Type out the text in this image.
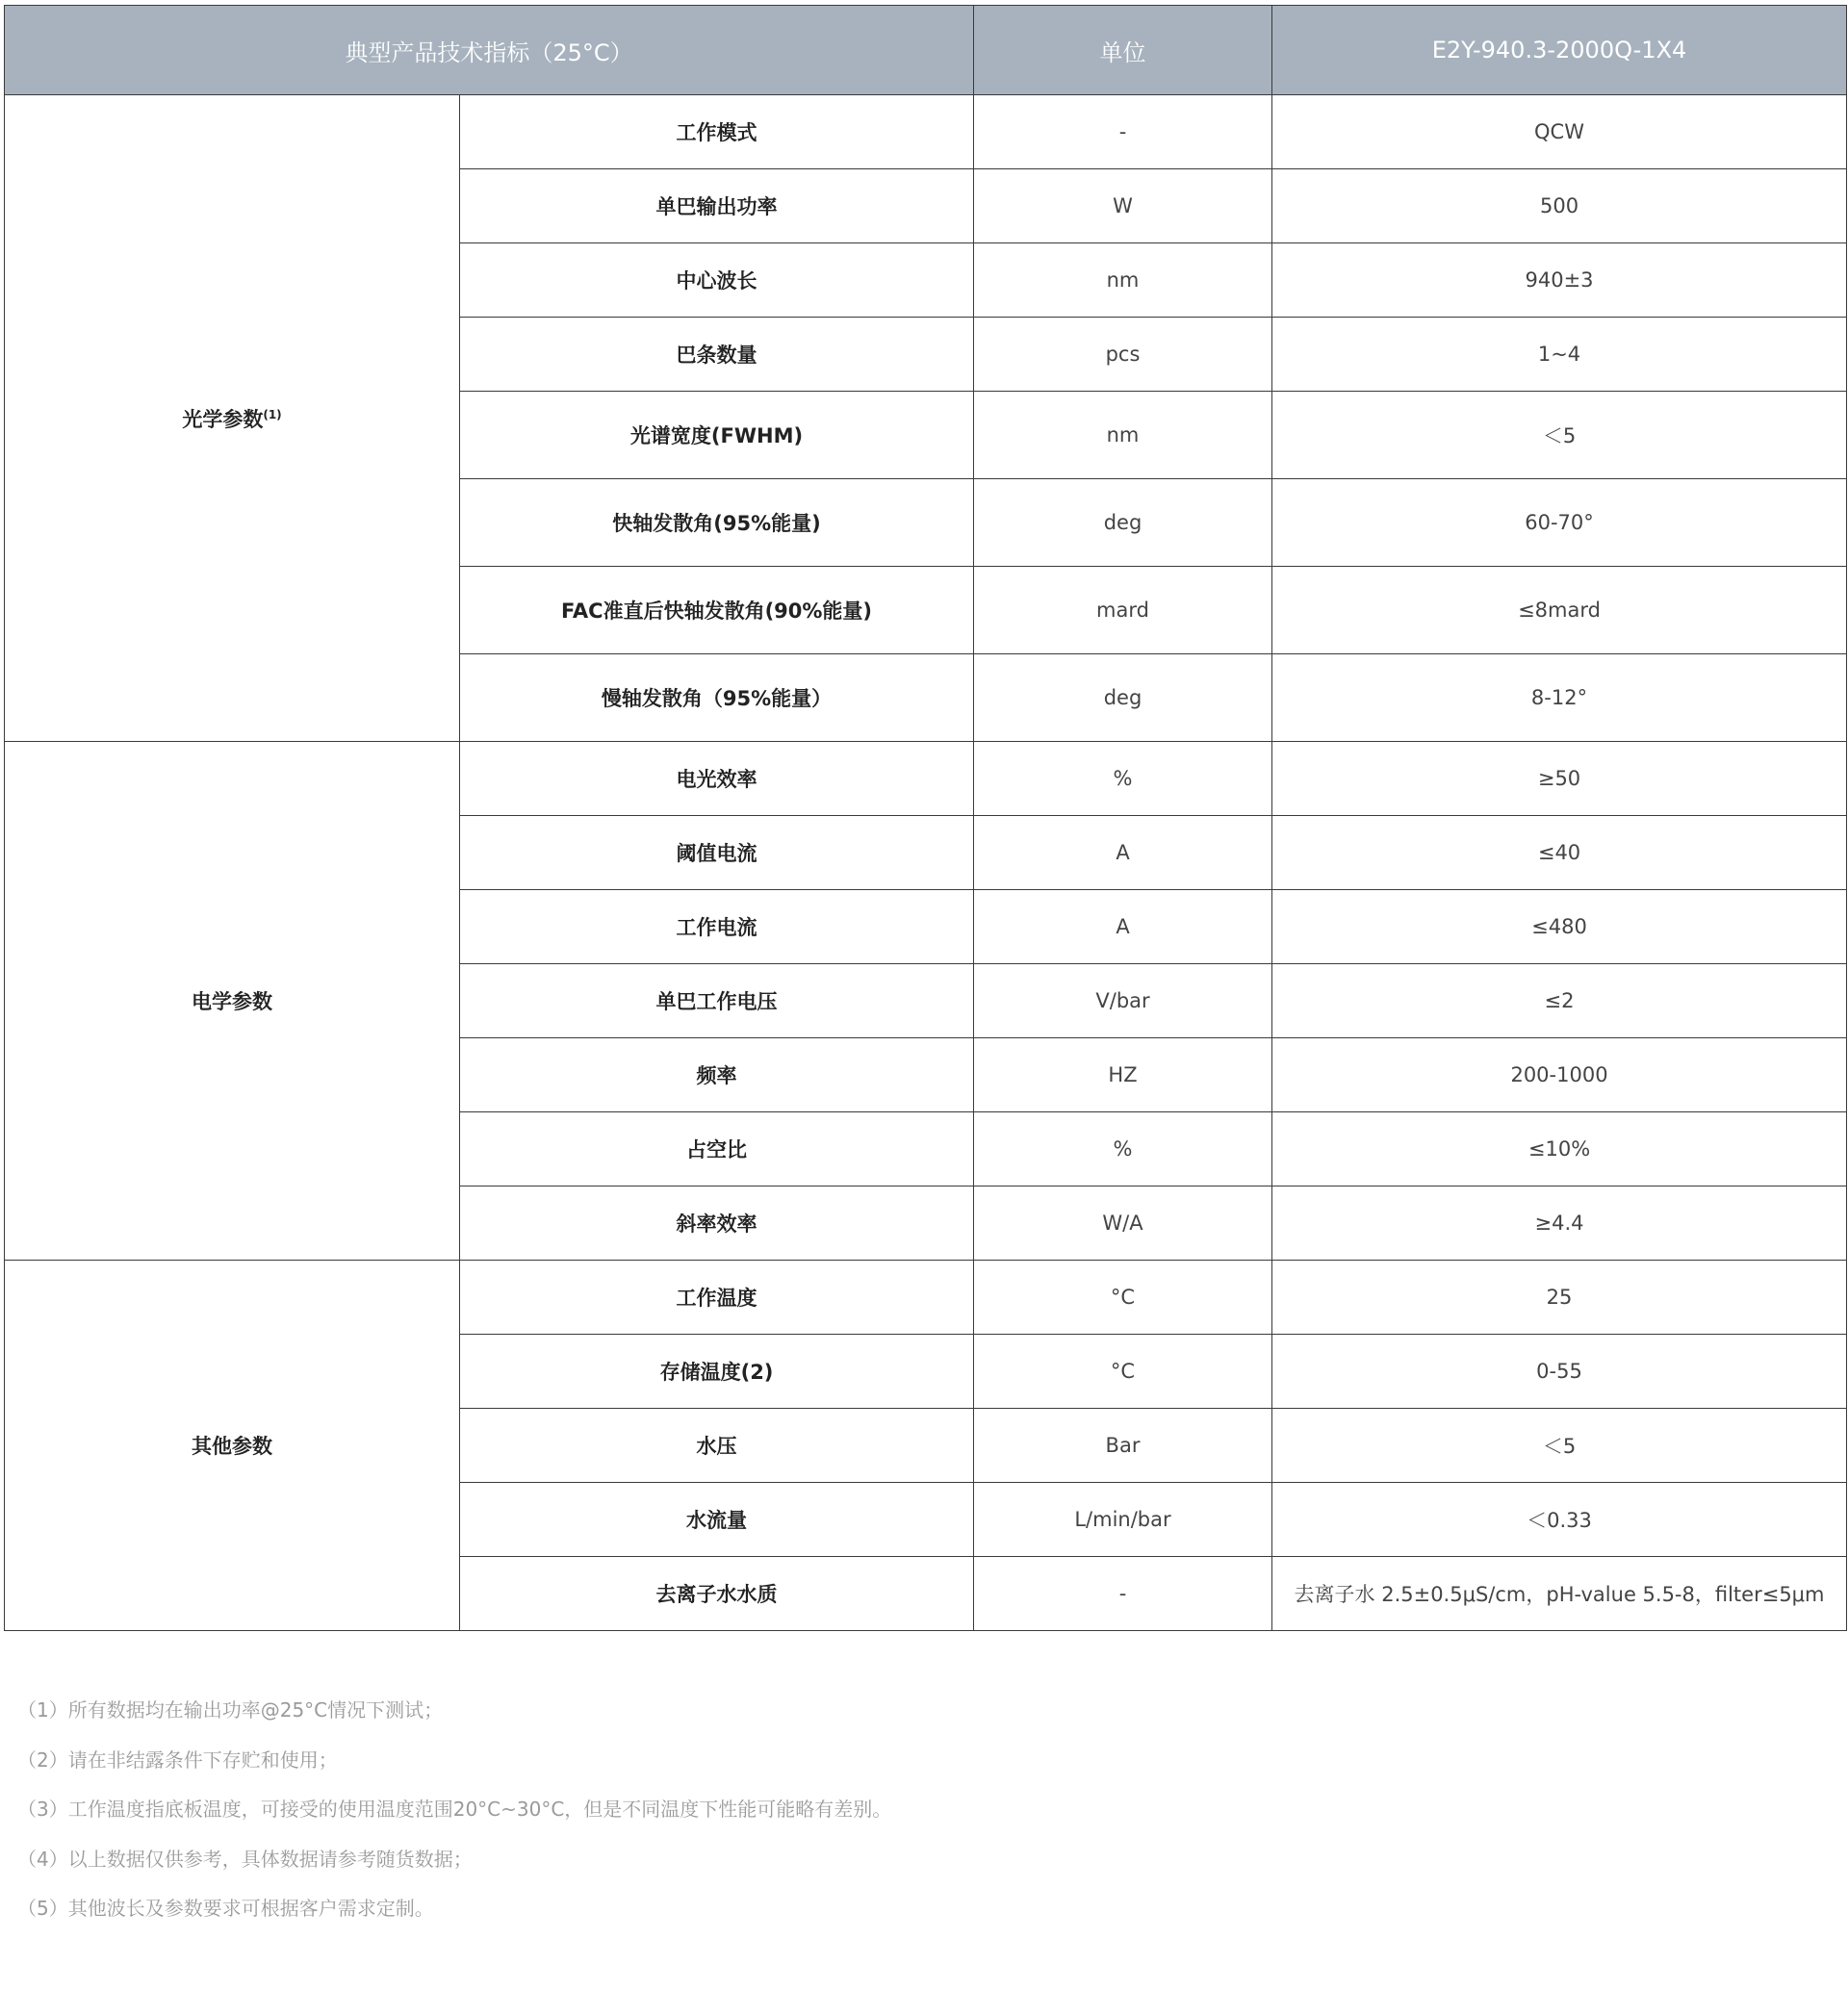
典型产品技术指标（25°C）		单位	E2Y-940.3-2000Q-1X4
光学参数$^{(1)}$	工作模式	-	QCW
	单巴输出功率	W	500
	中心波长	nm	940±3
	巴条数量	pcs	1~4
	光谱宽度(FWHM)	nm	＜5
	快轴发散角(95%能量)	deg	60-70°
	FAC准直后快轴发散角(90%能量)	mard	≤8mard
	慢轴发散角（95%能量）	deg	8-12°
电学参数	电光效率	%	≥50
	阈值电流	A	≤40
	工作电流	A	≤480
	单巴工作电压	V/bar	≤2
	频率	HZ	200-1000
	占空比	%	≤10%
	斜率效率	W/A	≥4.4
其他参数	工作温度	°C	25
	存储温度(2)	°C	0-55
	水压	Bar	＜5
	水流量	L/min/bar	＜0.33
	去离子水水质	-	去离子水 2.5±0.5μS/cm，pH-value 5.5-8，filter≤5μm
（1）所有数据均在输出功率@25°C情况下测试；
（2）请在非结露条件下存贮和使用；
（3）工作温度指底板温度，可接受的使用温度范围20°C~30°C，但是不同温度下性能可能略有差别。
（4）以上数据仅供参考，具体数据请参考随货数据；
（5）其他波长及参数要求可根据客户需求定制。
